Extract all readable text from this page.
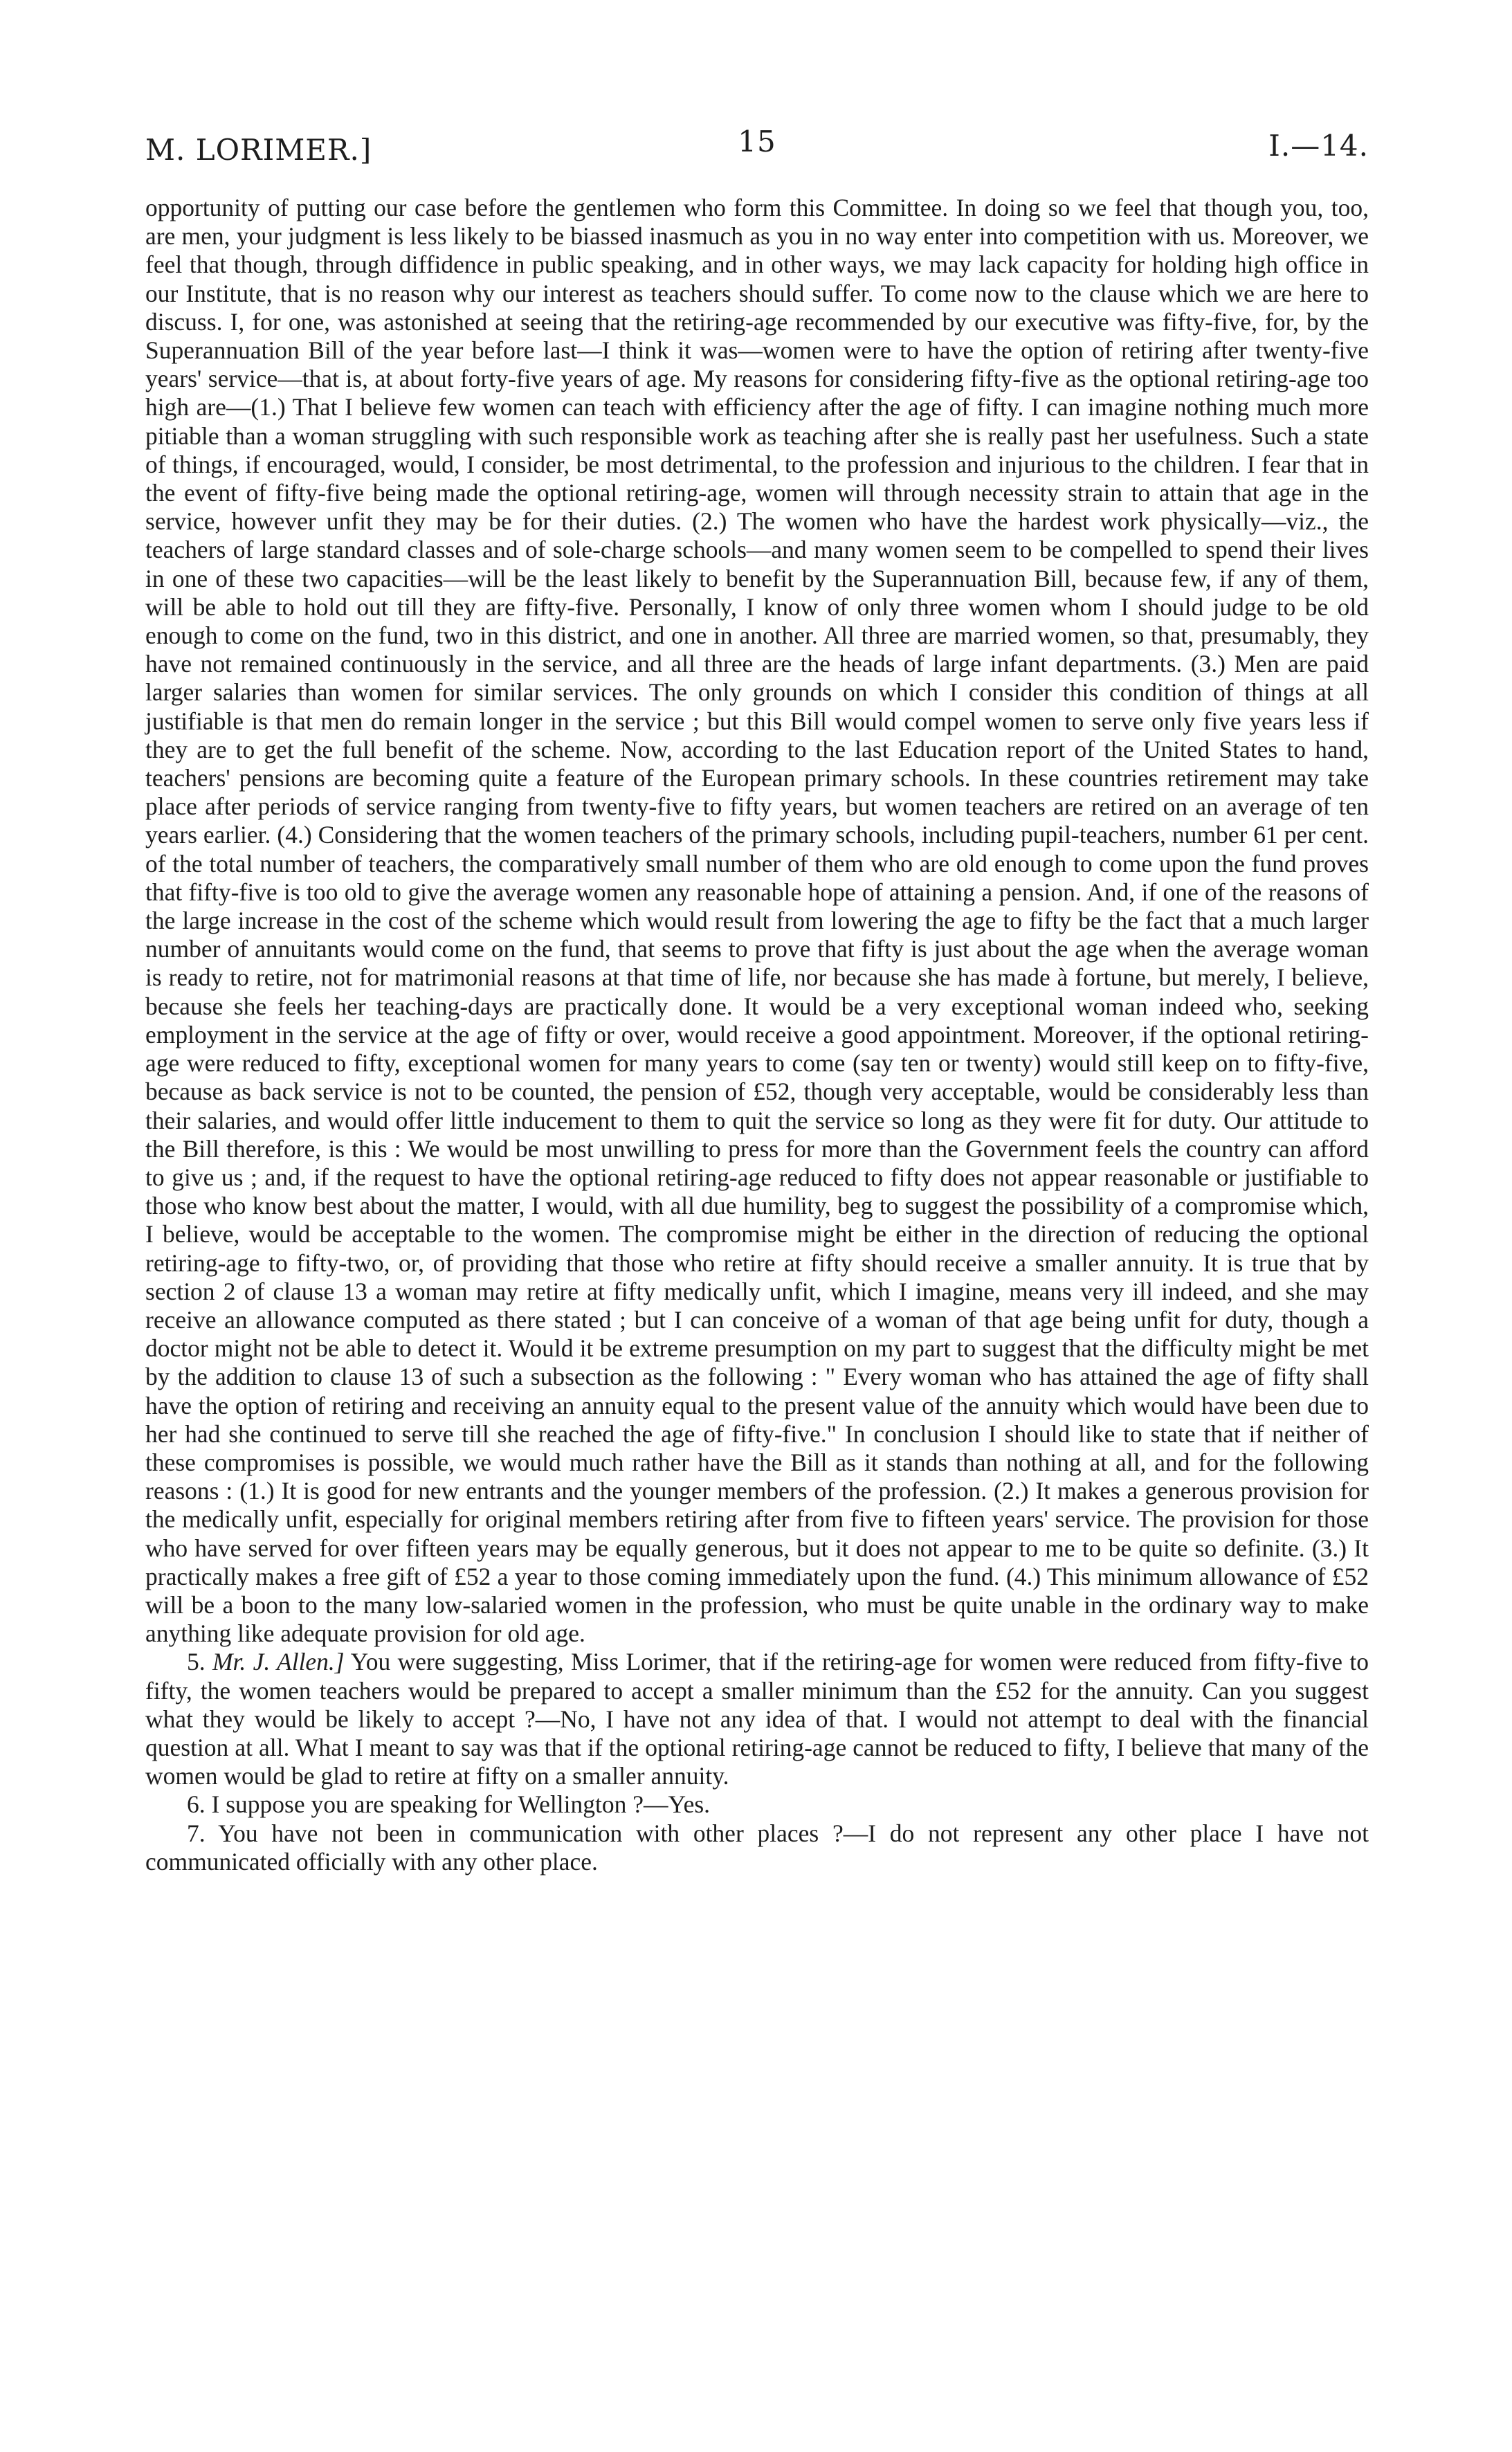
M. LORIMER.]	15	I.—14.

opportunity of putting our case before the gentlemen who form this Committee. In doing so we feel that though you, too, are men, your judgment is less likely to be biassed inasmuch as you in no way enter into competition with us. Moreover, we feel that though, through diffidence in public speaking, and in other ways, we may lack capacity for holding high office in our Institute, that is no reason why our interest as teachers should suffer. To come now to the clause which we are here to discuss. I, for one, was astonished at seeing that the retiring-age recommended by our executive was fifty-five, for, by the Superannuation Bill of the year before last—I think it was—women were to have the option of retiring after twenty-five years' service—that is, at about forty-five years of age. My reasons for considering fifty-five as the optional retiring-age too high are—(1.) That I believe few women can teach with efficiency after the age of fifty. I can imagine nothing much more pitiable than a woman struggling with such responsible work as teaching after she is really past her usefulness. Such a state of things, if encouraged, would, I consider, be most detrimental, to the profession and injurious to the children. I fear that in the event of fifty-five being made the optional retiring-age, women will through necessity strain to attain that age in the service, however unfit they may be for their duties. (2.) The women who have the hardest work physically—viz., the teachers of large standard classes and of sole-charge schools—and many women seem to be compelled to spend their lives in one of these two capacities—will be the least likely to benefit by the Superannuation Bill, because few, if any of them, will be able to hold out till they are fifty-five. Personally, I know of only three women whom I should judge to be old enough to come on the fund, two in this district, and one in another. All three are married women, so that, presumably, they have not remained continuously in the service, and all three are the heads of large infant departments. (3.) Men are paid larger salaries than women for similar services. The only grounds on which I consider this condition of things at all justifiable is that men do remain longer in the service ; but this Bill would compel women to serve only five years less if they are to get the full benefit of the scheme. Now, according to the last Education report of the United States to hand, teachers' pensions are becoming quite a feature of the European primary schools. In these countries retirement may take place after periods of service ranging from twenty-five to fifty years, but women teachers are retired on an average of ten years earlier. (4.) Considering that the women teachers of the primary schools, including pupil-teachers, number 61 per cent. of the total number of teachers, the comparatively small number of them who are old enough to come upon the fund proves that fifty-five is too old to give the average women any reasonable hope of attaining a pension. And, if one of the reasons of the large increase in the cost of the scheme which would result from lowering the age to fifty be the fact that a much larger number of annuitants would come on the fund, that seems to prove that fifty is just about the age when the average woman is ready to retire, not for matrimonial reasons at that time of life, nor because she has made à fortune, but merely, I believe, because she feels her teaching-days are practically done. It would be a very exceptional woman indeed who, seeking employment in the service at the age of fifty or over, would receive a good appointment. Moreover, if the optional retiring-age were reduced to fifty, exceptional women for many years to come (say ten or twenty) would still keep on to fifty-five, because as back service is not to be counted, the pension of £52, though very acceptable, would be considerably less than their salaries, and would offer little inducement to them to quit the service so long as they were fit for duty. Our attitude to the Bill therefore, is this : We would be most unwilling to press for more than the Government feels the country can afford to give us ; and, if the request to have the optional retiring-age reduced to fifty does not appear reasonable or justifiable to those who know best about the matter, I would, with all due humility, beg to suggest the possibility of a compromise which, I believe, would be acceptable to the women. The compromise might be either in the direction of reducing the optional retiring-age to fifty-two, or, of providing that those who retire at fifty should receive a smaller annuity. It is true that by section 2 of clause 13 a woman may retire at fifty medically unfit, which I imagine, means very ill indeed, and she may receive an allowance computed as there stated ; but I can conceive of a woman of that age being unfit for duty, though a doctor might not be able to detect it. Would it be extreme presumption on my part to suggest that the difficulty might be met by the addition to clause 13 of such a subsection as the following : " Every woman who has attained the age of fifty shall have the option of retiring and receiving an annuity equal to the present value of the annuity which would have been due to her had she continued to serve till she reached the age of fifty-five." In conclusion I should like to state that if neither of these compromises is possible, we would much rather have the Bill as it stands than nothing at all, and for the following reasons : (1.) It is good for new entrants and the younger members of the profession. (2.) It makes a generous provision for the medically unfit, especially for original members retiring after from five to fifteen years' service. The provision for those who have served for over fifteen years may be equally generous, but it does not appear to me to be quite so definite. (3.) It practically makes a free gift of £52 a year to those coming immediately upon the fund. (4.) This minimum allowance of £52 will be a boon to the many low-salaried women in the profession, who must be quite unable in the ordinary way to make anything like adequate provision for old age.

5. Mr. J. Allen.] You were suggesting, Miss Lorimer, that if the retiring-age for women were reduced from fifty-five to fifty, the women teachers would be prepared to accept a smaller minimum than the £52 for the annuity. Can you suggest what they would be likely to accept ?—No, I have not any idea of that. I would not attempt to deal with the financial question at all. What I meant to say was that if the optional retiring-age cannot be reduced to fifty, I believe that many of the women would be glad to retire at fifty on a smaller annuity.

6. I suppose you are speaking for Wellington ?—Yes.

7. You have not been in communication with other places ?—I do not represent any other place I have not communicated officially with any other place.
